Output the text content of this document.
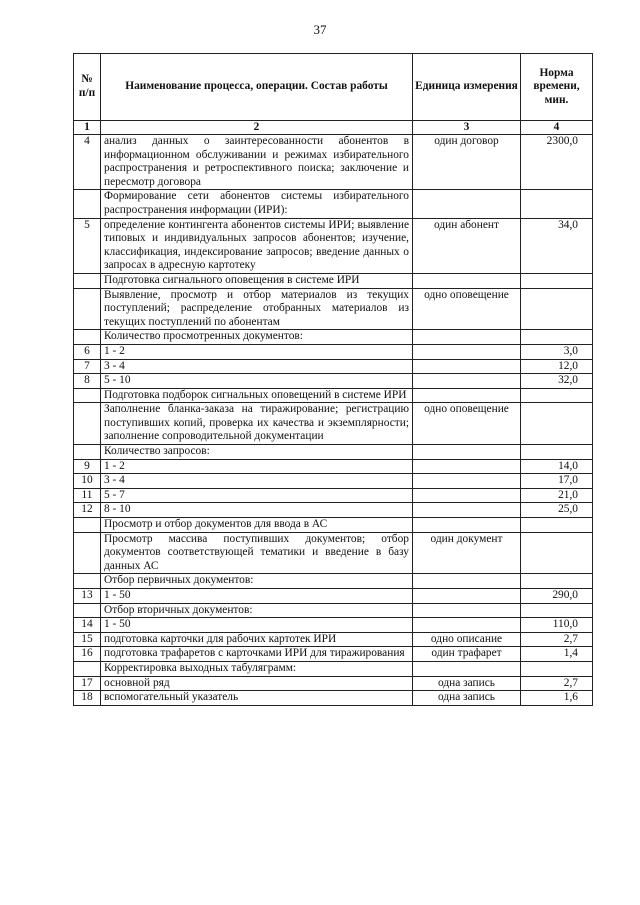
37
№ п/п	Наименование процесса, операции. Состав работы	Единица измерения	Норма времени, мин.
1	2	3	4
4	анализ данных о заинтересованности абонентов в информационном обслуживании и режимах избирательного распространения и ретроспективного поиска; заключение и пересмотр договора	один договор	2300,0
	Формирование сети абонентов системы избирательного распространения информации (ИРИ):		
5	определение контингента абонентов системы ИРИ; выявление типовых и индивидуальных запросов абонентов; изучение, классификация, индексирование запросов; введение данных о запросах в адресную картотеку	один абонент	34,0
	Подготовка сигнального оповещения в системе ИРИ		
	Выявление, просмотр и отбор материалов из текущих поступлений; распределение отобранных материалов из текущих поступлений по абонентам	одно оповещение	
	Количество просмотренных документов:		
6	1 - 2		3,0
7	3 - 4		12,0
8	5 - 10		32,0
	Подготовка подборок сигнальных оповещений в системе ИРИ		
	Заполнение бланка-заказа на тиражирование; регистрацию поступивших копий, проверка их качества и экземплярности; заполнение сопроводительной документации	одно оповещение	
	Количество запросов:		
9	1 - 2		14,0
10	3 - 4		17,0
11	5 - 7		21,0
12	8 - 10		25,0
	Просмотр и отбор документов для ввода в АС		
	Просмотр массива поступивших документов; отбор документов соответствующей тематики и введение в базу данных АС	один документ	
	Отбор первичных документов:		
13	1 - 50		290,0
	Отбор вторичных документов:		
14	1 - 50		110,0
15	подготовка карточки для рабочих картотек ИРИ	одно описание	2,7
16	подготовка трафаретов с карточками ИРИ для тиражирования	один трафарет	1,4
	Корректировка выходных табуляграмм:		
17	основной ряд	одна запись	2,7
18	вспомогательный указатель	одна запись	1,6
